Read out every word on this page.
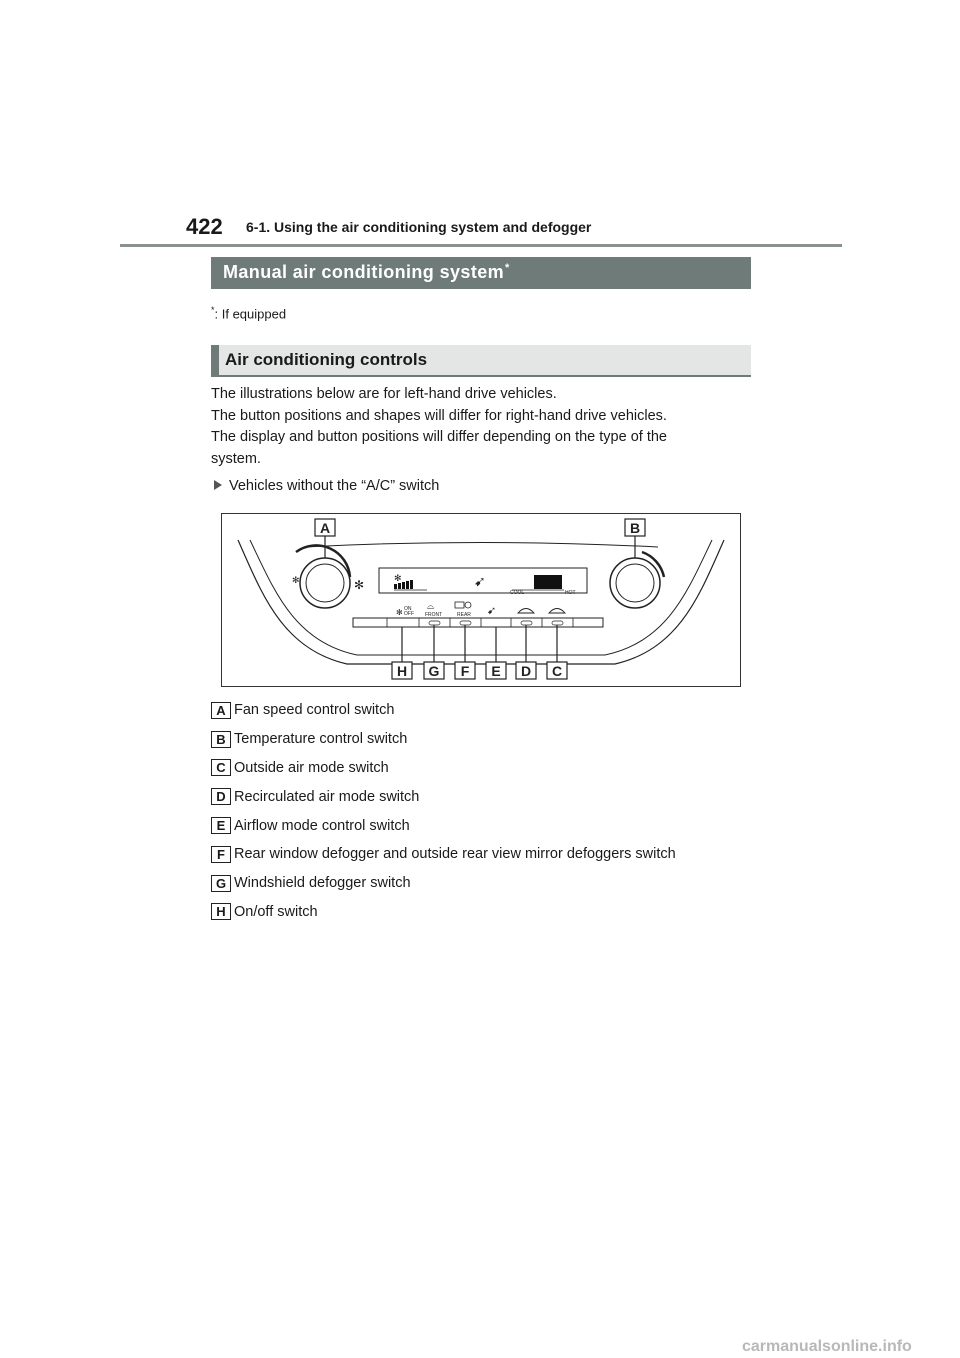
422 6-1. Using the air conditioning system and defogger
Manual air conditioning system*
*: If equipped
Air conditioning controls

The illustrations below are for left-hand drive vehicles.

The button positions and shapes will differ for right-hand drive vehicles.

The display and button positions will differ depending on the type of the

system.

Vehicles without the “A/C” switch
✻	✻	✻	➹
COOL	HOT
✻ ON
OFF
⌓
FRONT	REAR ➹
A	B
H G F E D C
A Fan speed control switch
B Temperature control switch
C Outside air mode switch
D Recirculated air mode switch
E Airflow mode control switch
F Rear window defogger and outside rear view mirror defoggers switch
G Windshield defogger switch
H On/off switch
carmanualsonline.info
